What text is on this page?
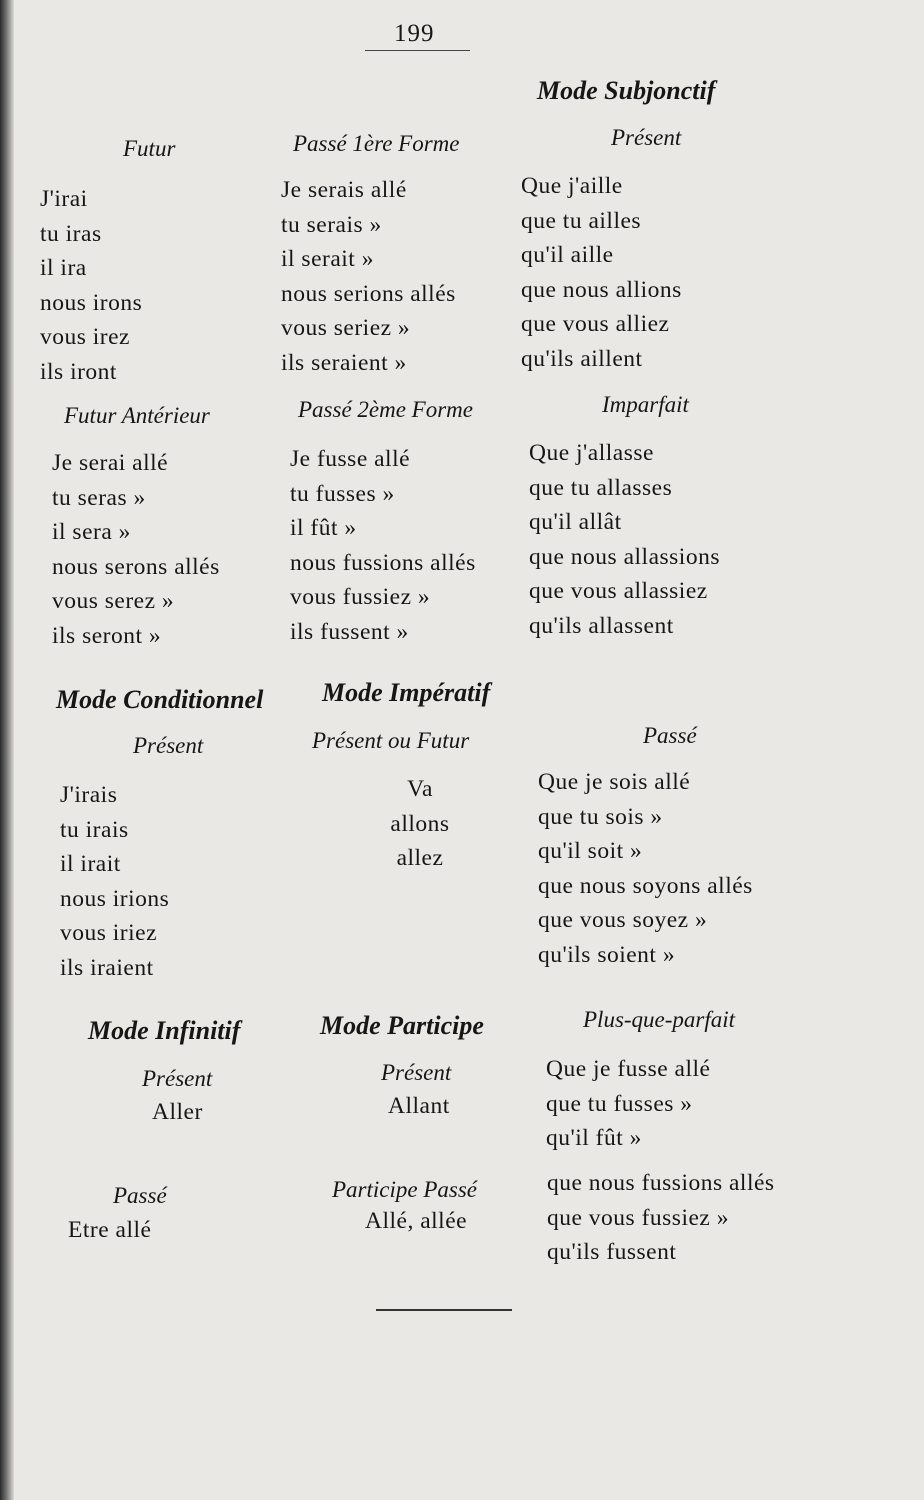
199
Mode Subjonctif
Futur
J'irai
tu iras
il ira
nous irons
vous irez
ils iront
Passé 1ère Forme
Je serais allé
tu serais »
il serait »
nous serions allés
vous seriez »
ils seraient »
Présent
Que j'aille
que tu ailles
qu'il aille
que nous allions
que vous alliez
qu'ils aillent
Futur Antérieur
Je serai allé
tu seras »
il sera »
nous serons allés
vous serez »
ils seront »
Passé 2ème Forme
Je fusse allé
tu fusses »
il fût »
nous fussions allés
vous fussiez »
ils fussent »
Imparfait
Que j'allasse
que tu allasses
qu'il allât
que nous allassions
que vous allassiez
qu'ils allassent
Mode Conditionnel Mode Impératif
Présent
J'irais
tu irais
il irait
nous irions
vous iriez
ils iraient
Présent ou Futur
Va
allons
allez
Passé
Que je sois allé
que tu sois »
qu'il soit »
que nous soyons allés
que vous soyez »
qu'ils soient »
Mode Infinitif
Présent
Aller
Passé
Etre allé
Mode Participe
Présent
Allant
Participe Passé
Allé, allée
Plus-que-parfait
Que je fusse allé
que tu fusses »
qu'il fût »
que nous fussions allés
que vous fussiez »
qu'ils fussent
